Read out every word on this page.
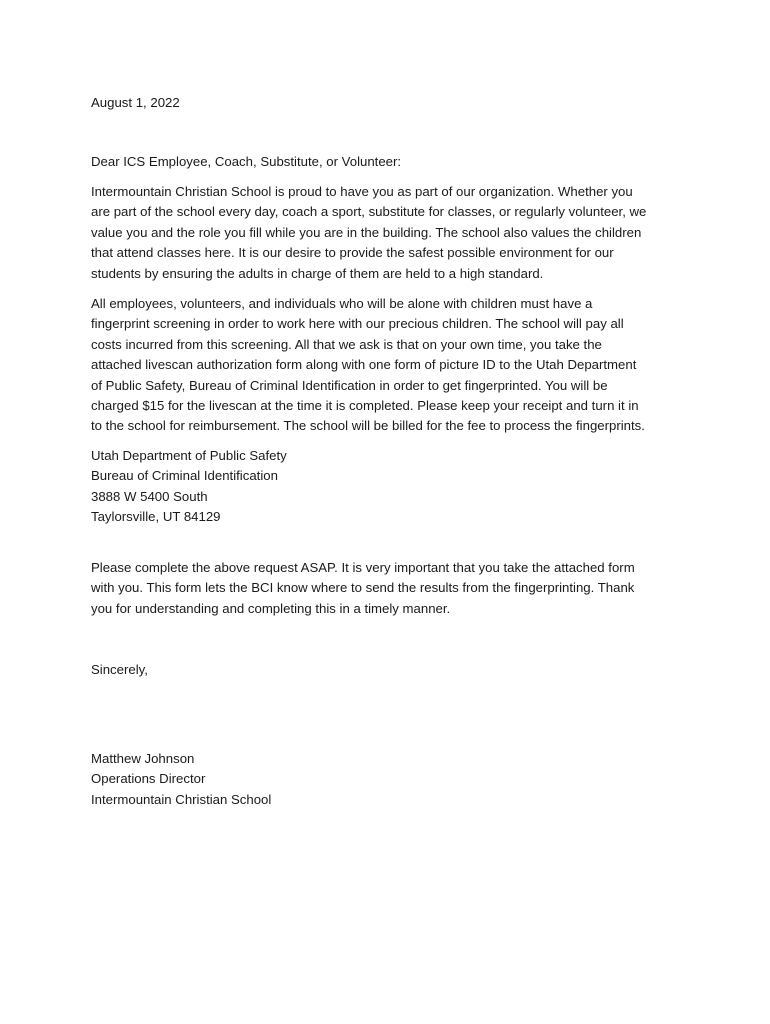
August 1, 2022

Dear ICS Employee, Coach, Substitute, or Volunteer:

Intermountain Christian School is proud to have you as part of our organization. Whether you
are part of the school every day, coach a sport, substitute for classes, or regularly volunteer, we
value you and the role you fill while you are in the building. The school also values the children
that attend classes here. It is our desire to provide the safest possible environment for our
students by ensuring the adults in charge of them are held to a high standard.

All employees, volunteers, and individuals who will be alone with children must have a
fingerprint screening in order to work here with our precious children. The school will pay all
costs incurred from this screening. All that we ask is that on your own time, you take the
attached livescan authorization form along with one form of picture ID to the Utah Department
of Public Safety, Bureau of Criminal Identification in order to get fingerprinted. You will be
charged $15 for the livescan at the time it is completed. Please keep your receipt and turn it in
to the school for reimbursement. The school will be billed for the fee to process the fingerprints.

Utah Department of Public Safety
Bureau of Criminal Identification
3888 W 5400 South
Taylorsville, UT 84129

Please complete the above request ASAP. It is very important that you take the attached form
with you. This form lets the BCI know where to send the results from the fingerprinting. Thank
you for understanding and completing this in a timely manner.

Sincerely,

Matthew Johnson
Operations Director
Intermountain Christian School
